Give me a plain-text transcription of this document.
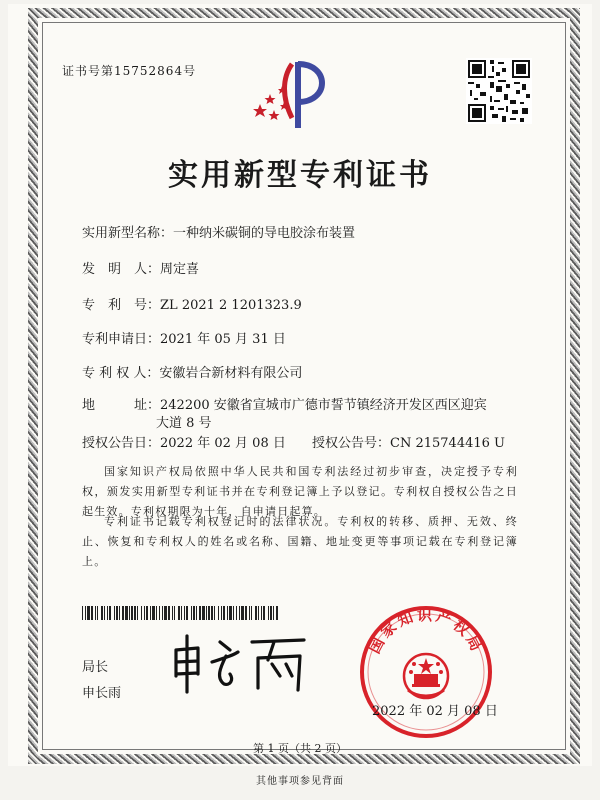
证书号第15752864号
实用新型专利证书
实用新型名称：一种纳米碳铜的导电胶涂布装置
发　明　人：周定喜
专　利　号：ZL 2021 2 1201323.9
专利申请日：2021 年 05 月 31 日
专 利 权 人：安徽岩合新材料有限公司
地　　　址：242200 安徽省宣城市广德市誓节镇经济开发区西区迎宾
大道 8 号
授权公告日：2022 年 02 月 08 日 授权公告号：CN 215744416 U
国家知识产权局依照中华人民共和国专利法经过初步审查，决定授予专利权，颁发实用新型专利证书并在专利登记簿上予以登记。专利权自授权公告之日起生效。专利权期限为十年，自申请日起算。
专利证书记载专利权登记时的法律状况。专利权的转移、质押、无效、终止、恢复和专利权人的姓名或名称、国籍、地址变更等事项记载在专利登记簿上。
局长
申长雨
国家知识产权局
2022 年 02 月 08 日
第 1 页（共 2 页）
其他事项参见背面
